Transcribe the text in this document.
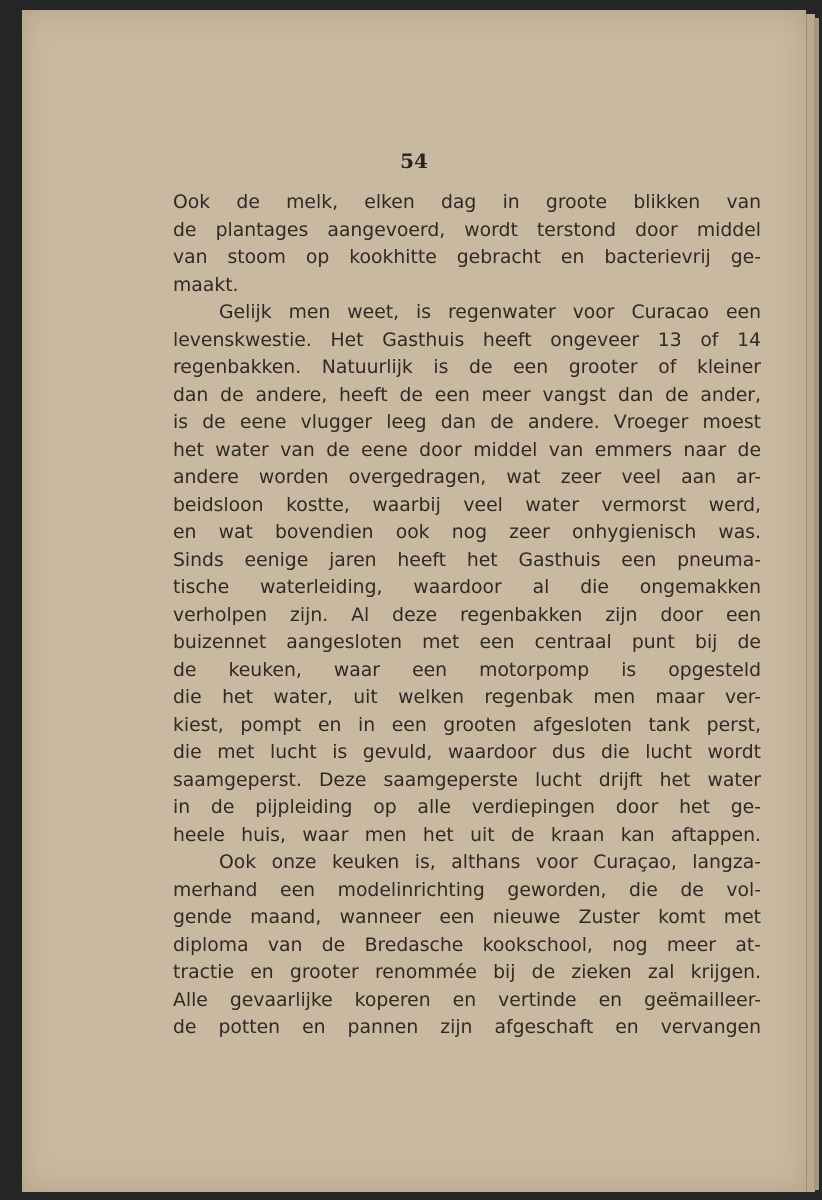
54
Ook de melk, elken dag in groote blikken van
de plantages aangevoerd, wordt terstond door middel
van stoom op kookhitte gebracht en bacterievrij ge-
maakt.
Gelijk men weet, is regenwater voor Curacao een
levenskwestie. Het Gasthuis heeft ongeveer 13 of 14
regenbakken. Natuurlijk is de een grooter of kleiner
dan de andere, heeft de een meer vangst dan de ander,
is de eene vlugger leeg dan de andere. Vroeger moest
het water van de eene door middel van emmers naar de
andere worden overgedragen, wat zeer veel aan ar-
beidsloon kostte, waarbij veel water vermorst werd,
en wat bovendien ook nog zeer onhygienisch was.
Sinds eenige jaren heeft het Gasthuis een pneuma-
tische waterleiding, waardoor al die ongemakken
verholpen zijn. Al deze regenbakken zijn door een
buizennet aangesloten met een centraal punt bij de
de keuken, waar een motorpomp is opgesteld
die het water, uit welken regenbak men maar ver-
kiest, pompt en in een grooten afgesloten tank perst,
die met lucht is gevuld, waardoor dus die lucht wordt
saamgeperst. Deze saamgeperste lucht drijft het water
in de pijpleiding op alle verdiepingen door het ge-
heele huis, waar men het uit de kraan kan aftappen.
Ook onze keuken is, althans voor Curaçao, langza-
merhand een modelinrichting geworden, die de vol-
gende maand, wanneer een nieuwe Zuster komt met
diploma van de Bredasche kookschool, nog meer at-
tractie en grooter renommée bij de zieken zal krijgen.
Alle gevaarlijke koperen en vertinde en geëmailleer-
de potten en pannen zijn afgeschaft en vervangen
